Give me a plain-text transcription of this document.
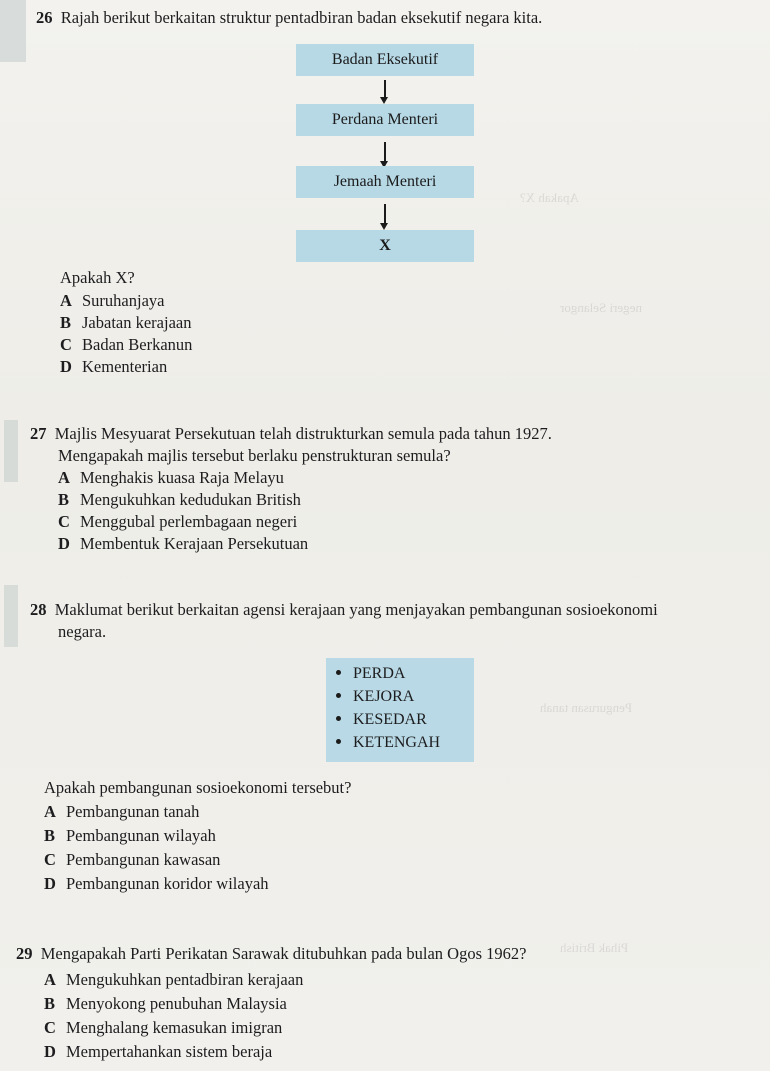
Apakah X?
negeri Selangor
Pengurusan tanah
Pihak British
26 Rajah berikut berkaitan struktur pentadbiran badan eksekutif negara kita.
Badan Eksekutif
Perdana Menteri
Jemaah Menteri
X
Apakah X?
A Suruhanjaya
B Jabatan kerajaan
C Badan Berkanun
D Kementerian
27 Majlis Mesyuarat Persekutuan telah distrukturkan semula pada tahun 1927.
Mengapakah majlis tersebut berlaku penstrukturan semula?
A Menghakis kuasa Raja Melayu
B Mengukuhkan kedudukan British
C Menggubal perlembagaan negeri
D Membentuk Kerajaan Persekutuan
28 Maklumat berikut berkaitan agensi kerajaan yang menjayakan pembangunan sosioekonomi
negara.
PERDA
KEJORA
KESEDAR
KETENGAH
Apakah pembangunan sosioekonomi tersebut?
A Pembangunan tanah
B Pembangunan wilayah
C Pembangunan kawasan
D Pembangunan koridor wilayah
29 Mengapakah Parti Perikatan Sarawak ditubuhkan pada bulan Ogos 1962?
A Mengukuhkan pentadbiran kerajaan
B Menyokong penubuhan Malaysia
C Menghalang kemasukan imigran
D Mempertahankan sistem beraja
